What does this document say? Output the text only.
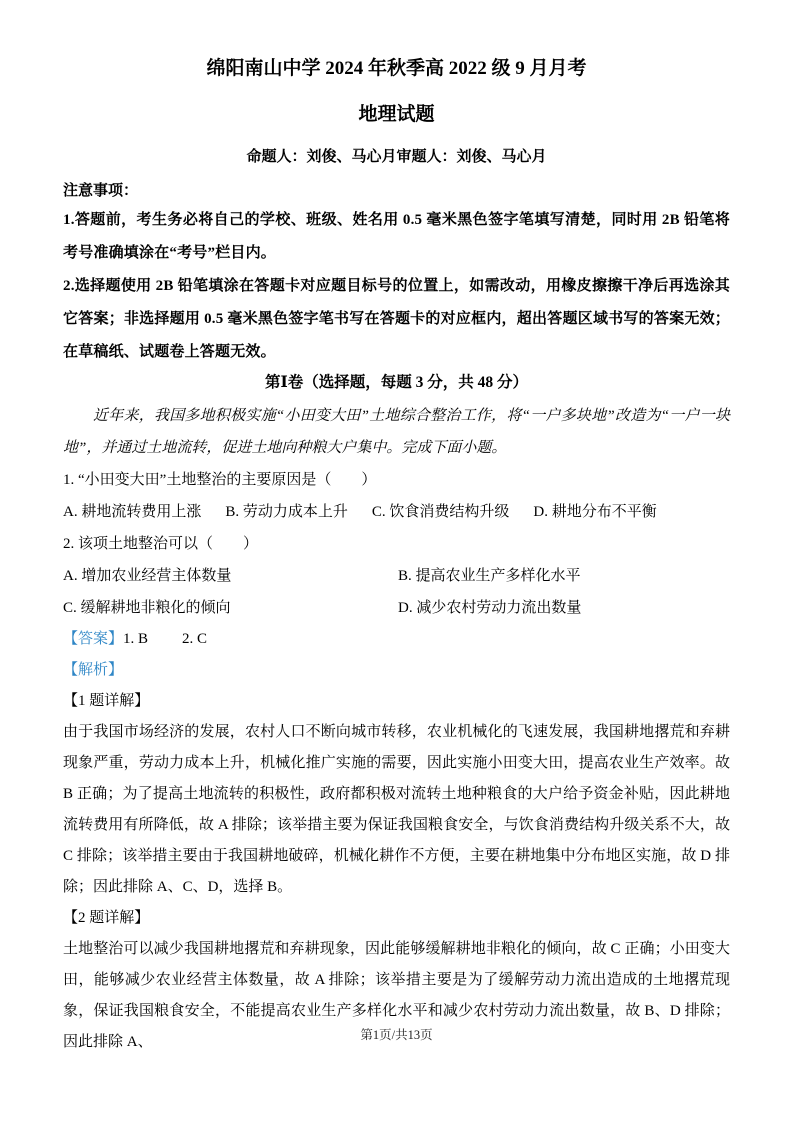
绵阳南山中学 2024 年秋季高 2022 级 9 月月考
地理试题
命题人：刘俊、马心月审题人：刘俊、马心月
注意事项：
1.答题前，考生务必将自己的学校、班级、姓名用 0.5 毫米黑色签字笔填写清楚，同时用 2B 铅笔将考号准确填涂在“考号”栏目内。
2.选择题使用 2B 铅笔填涂在答题卡对应题目标号的位置上，如需改动，用橡皮擦擦干净后再选涂其它答案；非选择题用 0.5 毫米黑色签字笔书写在答题卡的对应框内，超出答题区域书写的答案无效；在草稿纸、试题卷上答题无效。
第Ⅰ卷（选择题，每题 3 分，共 48 分）
近年来，我国多地积极实施“小田变大田”土地综合整治工作，将“一户多块地”改造为“一户一块地”，并通过土地流转，促进土地向种粮大户集中。完成下面小题。
1. “小田变大田”土地整治的主要原因是（　　）
A. 耕地流转费用上涨 B. 劳动力成本上升 C. 饮食消费结构升级 D. 耕地分布不平衡
2. 该项土地整治可以（　　）
A. 增加农业经营主体数量	B. 提高农业生产多样化水平
C. 缓解耕地非粮化的倾向	D. 减少农村劳动力流出数量
【答案】1. B 2. C
【解析】
【1 题详解】
由于我国市场经济的发展，农村人口不断向城市转移，农业机械化的飞速发展，我国耕地撂荒和弃耕现象严重，劳动力成本上升，机械化推广实施的需要，因此实施小田变大田，提高农业生产效率。故 B 正确；为了提高土地流转的积极性，政府都积极对流转土地种粮食的大户给予资金补贴，因此耕地流转费用有所降低，故 A 排除；该举措主要为保证我国粮食安全，与饮食消费结构升级关系不大，故 C 排除；该举措主要由于我国耕地破碎，机械化耕作不方便，主要在耕地集中分布地区实施，故 D 排除；因此排除 A、C、D，选择 B。
【2 题详解】
土地整治可以减少我国耕地撂荒和弃耕现象，因此能够缓解耕地非粮化的倾向，故 C 正确；小田变大田，能够减少农业经营主体数量，故 A 排除；该举措主要是为了缓解劳动力流出造成的土地撂荒现象，保证我国粮食安全，不能提高农业生产多样化水平和减少农村劳动力流出数量，故 B、D 排除；因此排除 A、	第1页/共13页
